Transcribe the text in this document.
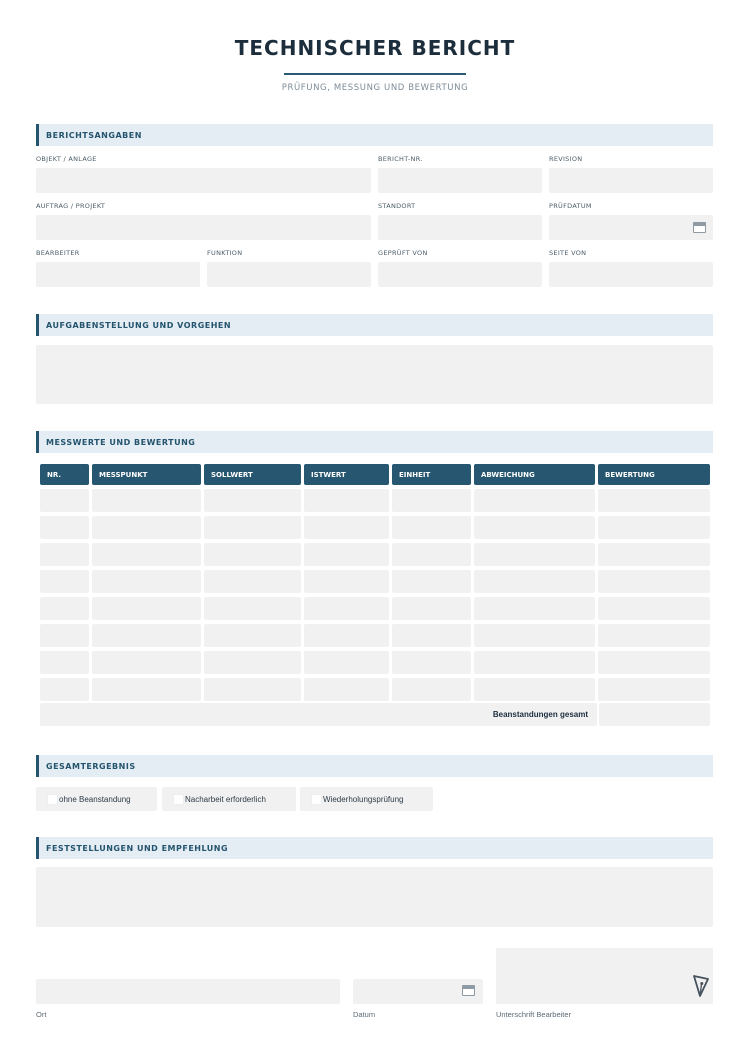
TECHNISCHER BERICHT
PRÜFUNG, MESSUNG UND BEWERTUNG
BERICHTSANGABEN
OBJEKT / ANLAGE	BERICHT-NR.	REVISION
AUFTRAG / PROJEKT	STANDORT	PRÜFDATUM
BEARBEITER	FUNKTION	GEPRÜFT VON	SEITE VON
AUFGABENSTELLUNG UND VORGEHEN
MESSWERTE UND BEWERTUNG
NR.	MESSPUNKT	SOLLWERT	ISTWERT	EINHEIT	ABWEICHUNG	BEWERTUNG
Beanstandungen gesamt
GESAMTERGEBNIS
ohne Beanstandung	Nacharbeit erforderlich	Wiederholungsprüfung
FESTSTELLUNGEN UND EMPFEHLUNG
Ort	Datum	Unterschrift Bearbeiter
